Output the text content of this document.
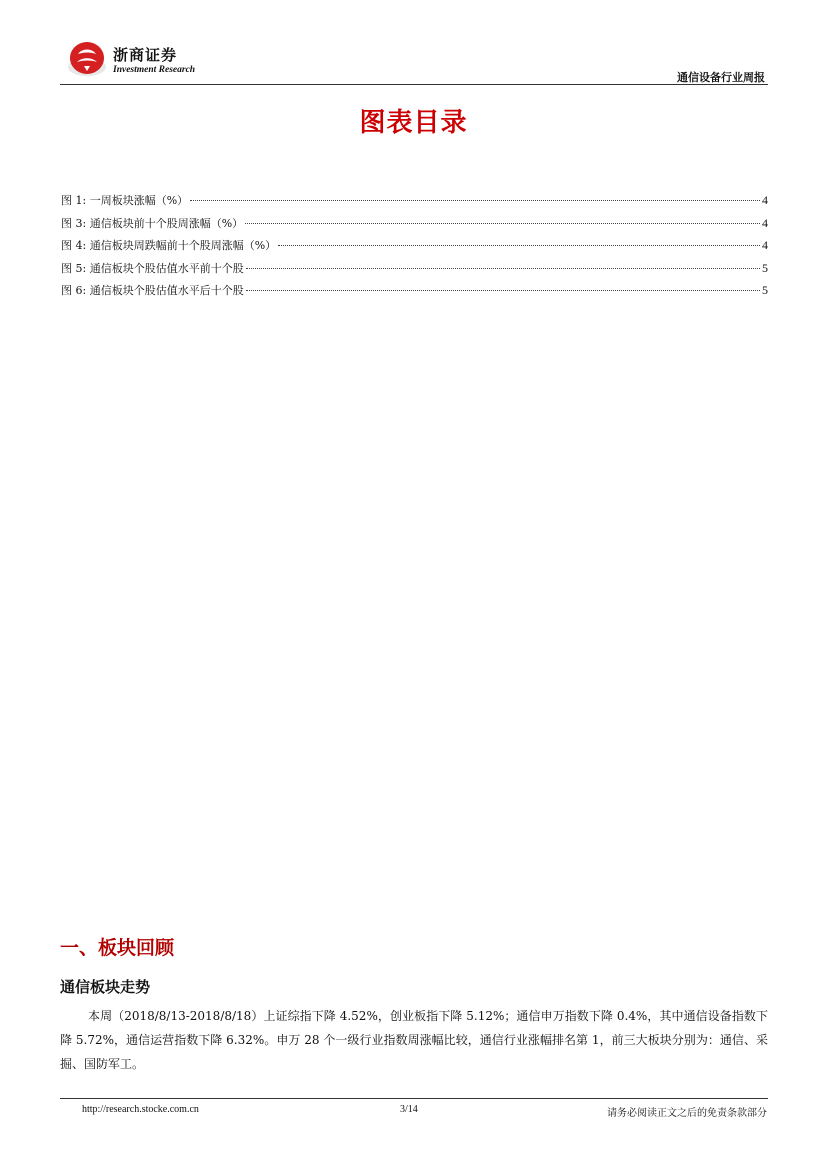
浙商证券
Investment Research
通信设备行业周报
图表目录
图 1: 一周板块涨幅（%）	4
图 3: 通信板块前十个股周涨幅（%）	4
图 4: 通信板块周跌幅前十个股周涨幅（%）	4
图 5: 通信板块个股估值水平前十个股	5
图 6: 通信板块个股估值水平后十个股	5
一、板块回顾
通信板块走势

本周（2018/8/13-2018/8/18）上证综指下降 4.52%，创业板指下降 5.12%；通信申万指数下降 0.4%，其中通信设备指数下降 5.72%，通信运营指数下降 6.32%。申万 28 个一级行业指数周涨幅比较，通信行业涨幅排名第 1，前三大板块分别为：通信、采掘、国防军工。

http://research.stocke.com.cn	3/14	请务必阅读正文之后的免责条款部分
